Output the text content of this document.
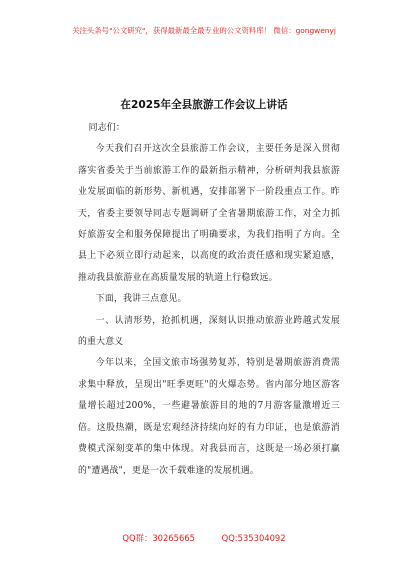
关注头条号"公文研究"，获得最新最全最专业的公文资料库！ 微信：gongwenyj
在2025年全县旅游工作会议上讲话

同志们：

今天我们召开这次全县旅游工作会议，主要任务是深入贯彻落实省委关于当前旅游工作的最新指示精神，分析研判我县旅游业发展面临的新形势、新机遇，安排部署下一阶段重点工作。昨天，省委主要领导同志专题调研了全省暑期旅游工作，对全力抓好旅游安全和服务保障提出了明确要求，为我们指明了方向。全县上下必须立即行动起来，以高度的政治责任感和现实紧迫感，推动我县旅游业在高质量发展的轨道上行稳致远。

下面，我讲三点意见。

一、认清形势，抢抓机遇，深刻认识推动旅游业跨越式发展的重大意义

今年以来，全国文旅市场强势复苏，特别是暑期旅游消费需求集中释放，呈现出"旺季更旺"的火爆态势。省内部分地区游客量增长超过200%，一些避暑旅游目的地的7月游客量激增近三倍。这股热潮，既是宏观经济持续向好的有力印证，也是旅游消费模式深刻变革的集中体现。对我县而言，这既是一场必须打赢的"遭遇战"，更是一次千载难逢的发展机遇。

QQ群：30265665	QQ:535304092
